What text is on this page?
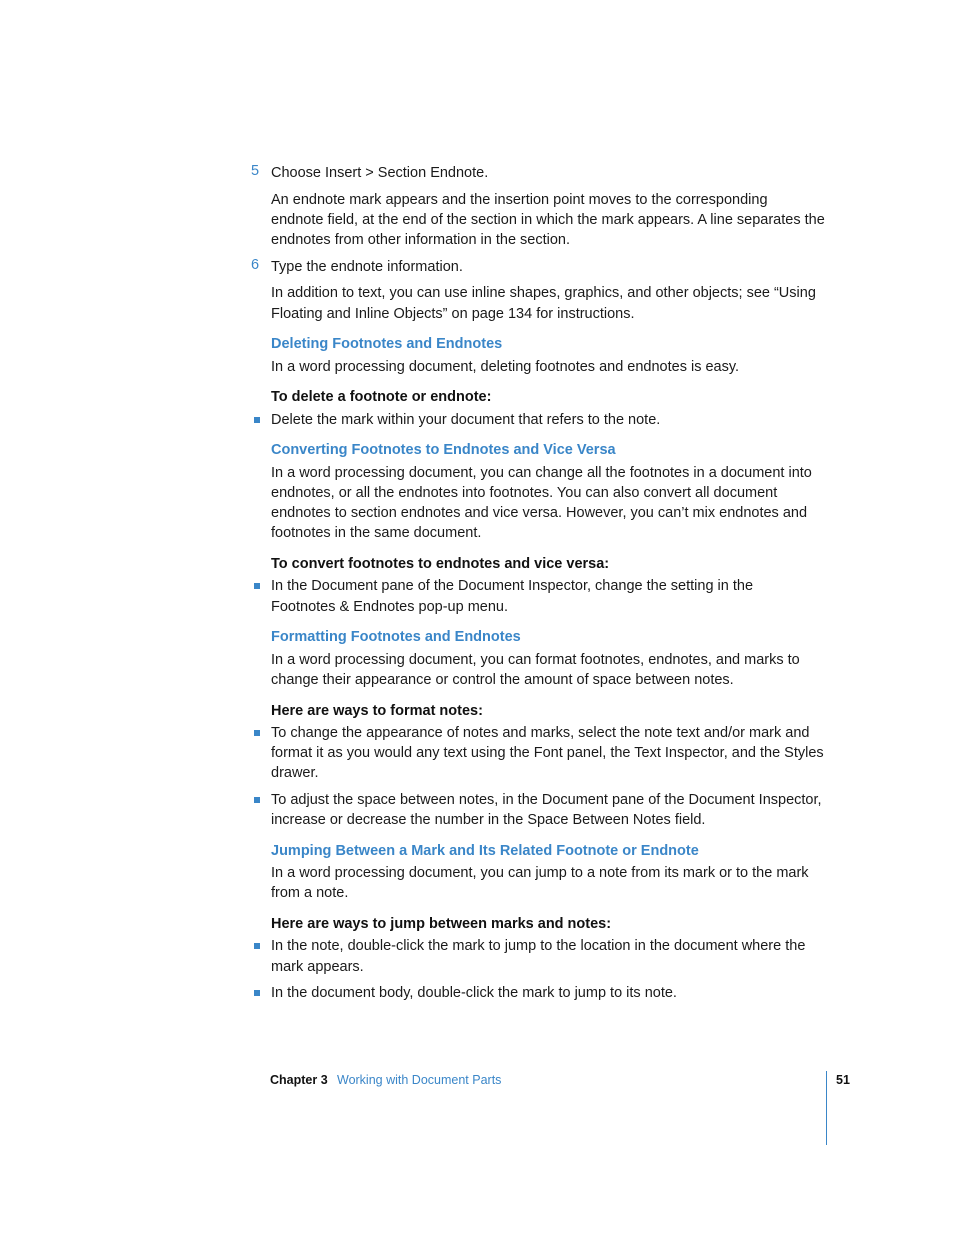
5 Choose Insert > Section Endnote.
An endnote mark appears and the insertion point moves to the corresponding
endnote field, at the end of the section in which the mark appears. A line separates the
endnotes from other information in the section.
6 Type the endnote information.
In addition to text, you can use inline shapes, graphics, and other objects; see “Using
Floating and Inline Objects” on page 134 for instructions.
Deleting Footnotes and Endnotes
In a word processing document, deleting footnotes and endnotes is easy.
To delete a footnote or endnote:
Delete the mark within your document that refers to the note.
Converting Footnotes to Endnotes and Vice Versa
In a word processing document, you can change all the footnotes in a document into
endnotes, or all the endnotes into footnotes. You can also convert all document
endnotes to section endnotes and vice versa. However, you can’t mix endnotes and
footnotes in the same document.
To convert footnotes to endnotes and vice versa:
In the Document pane of the Document Inspector, change the setting in the
Footnotes & Endnotes pop-up menu.
Formatting Footnotes and Endnotes
In a word processing document, you can format footnotes, endnotes, and marks to
change their appearance or control the amount of space between notes.
Here are ways to format notes:
To change the appearance of notes and marks, select the note text and/or mark and
format it as you would any text using the Font panel, the Text Inspector, and the Styles
drawer.
To adjust the space between notes, in the Document pane of the Document Inspector,
increase or decrease the number in the Space Between Notes field.
Jumping Between a Mark and Its Related Footnote or Endnote
In a word processing document, you can jump to a note from its mark or to the mark
from a note.
Here are ways to jump between marks and notes:
In the note, double-click the mark to jump to the location in the document where the
mark appears.
In the document body, double-click the mark to jump to its note.
Chapter 3 Working with Document Parts	51
